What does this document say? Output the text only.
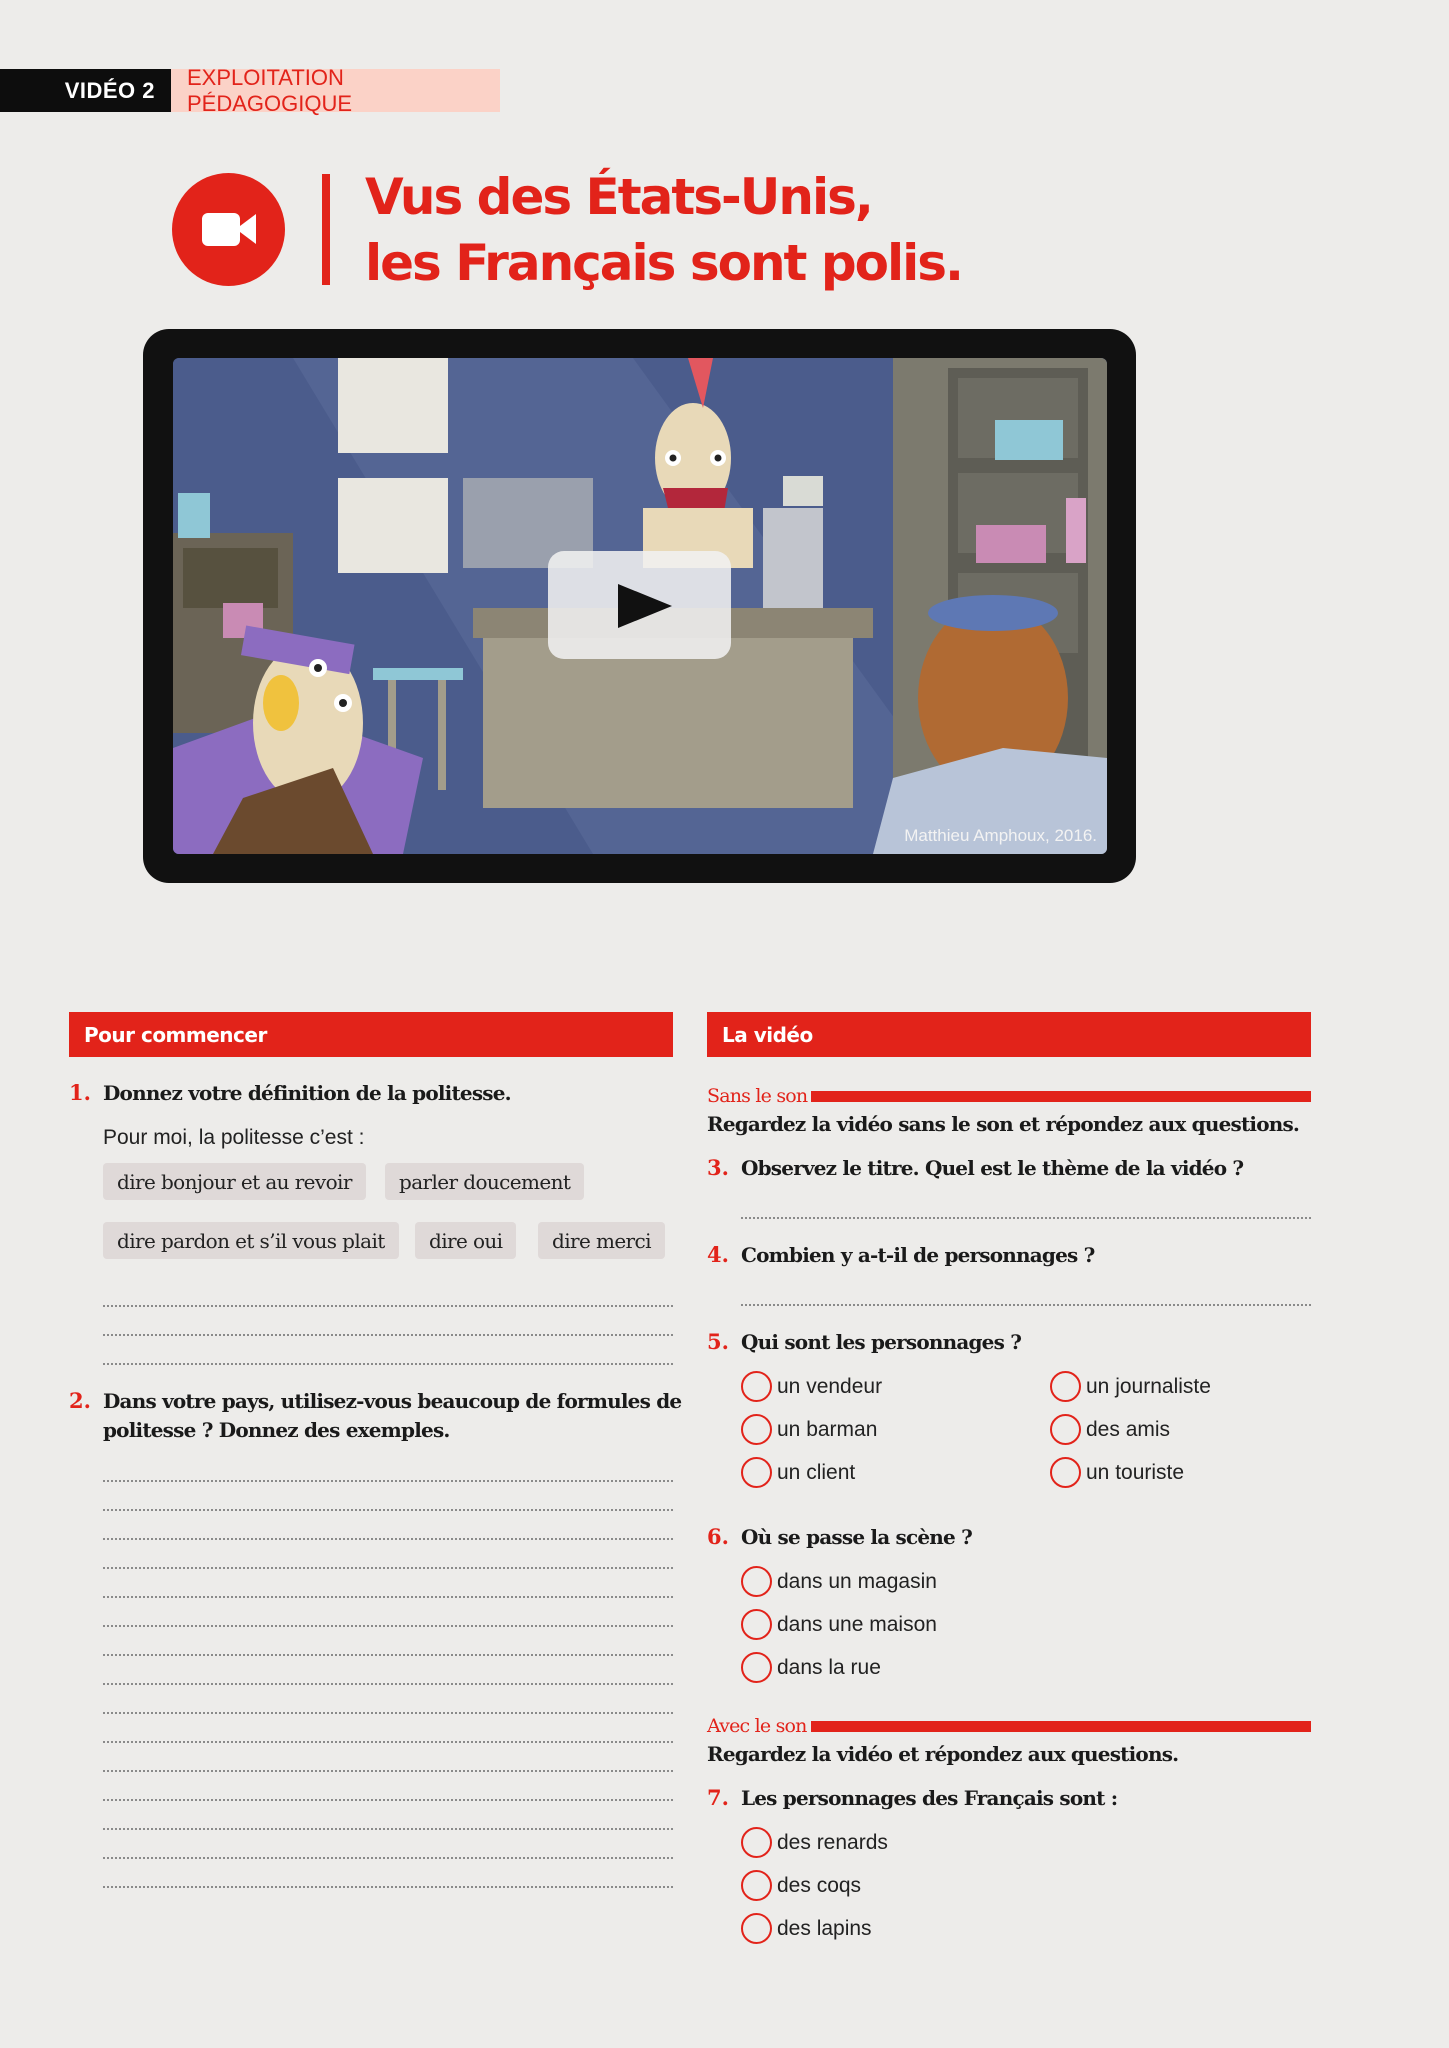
VIDÉO 2
EXPLOITATION PÉDAGOGIQUE
Vus des États-Unis,
les Français sont polis.
Matthieu Amphoux, 2016.
Pour commencer
1. Donnez votre définition de la politesse.
Pour moi, la politesse c’est :
dire bonjour et au revoir	parler doucement
dire pardon et s’il vous plait	dire oui	dire merci
2. Dans votre pays, utilisez-vous beaucoup de formules de
politesse ? Donnez des exemples.
La vidéo
Sans le son
Regardez la vidéo sans le son et répondez aux questions.
3. Observez le titre. Quel est le thème de la vidéo ?
4. Combien y a-t-il de personnages ?
5. Qui sont les personnages ?
un vendeur	un journaliste
un barman	des amis
un client	un touriste
6. Où se passe la scène ?
dans un magasin
dans une maison
dans la rue
Avec le son
Regardez la vidéo et répondez aux questions.
7. Les personnages des Français sont :
des renards
des coqs
des lapins
